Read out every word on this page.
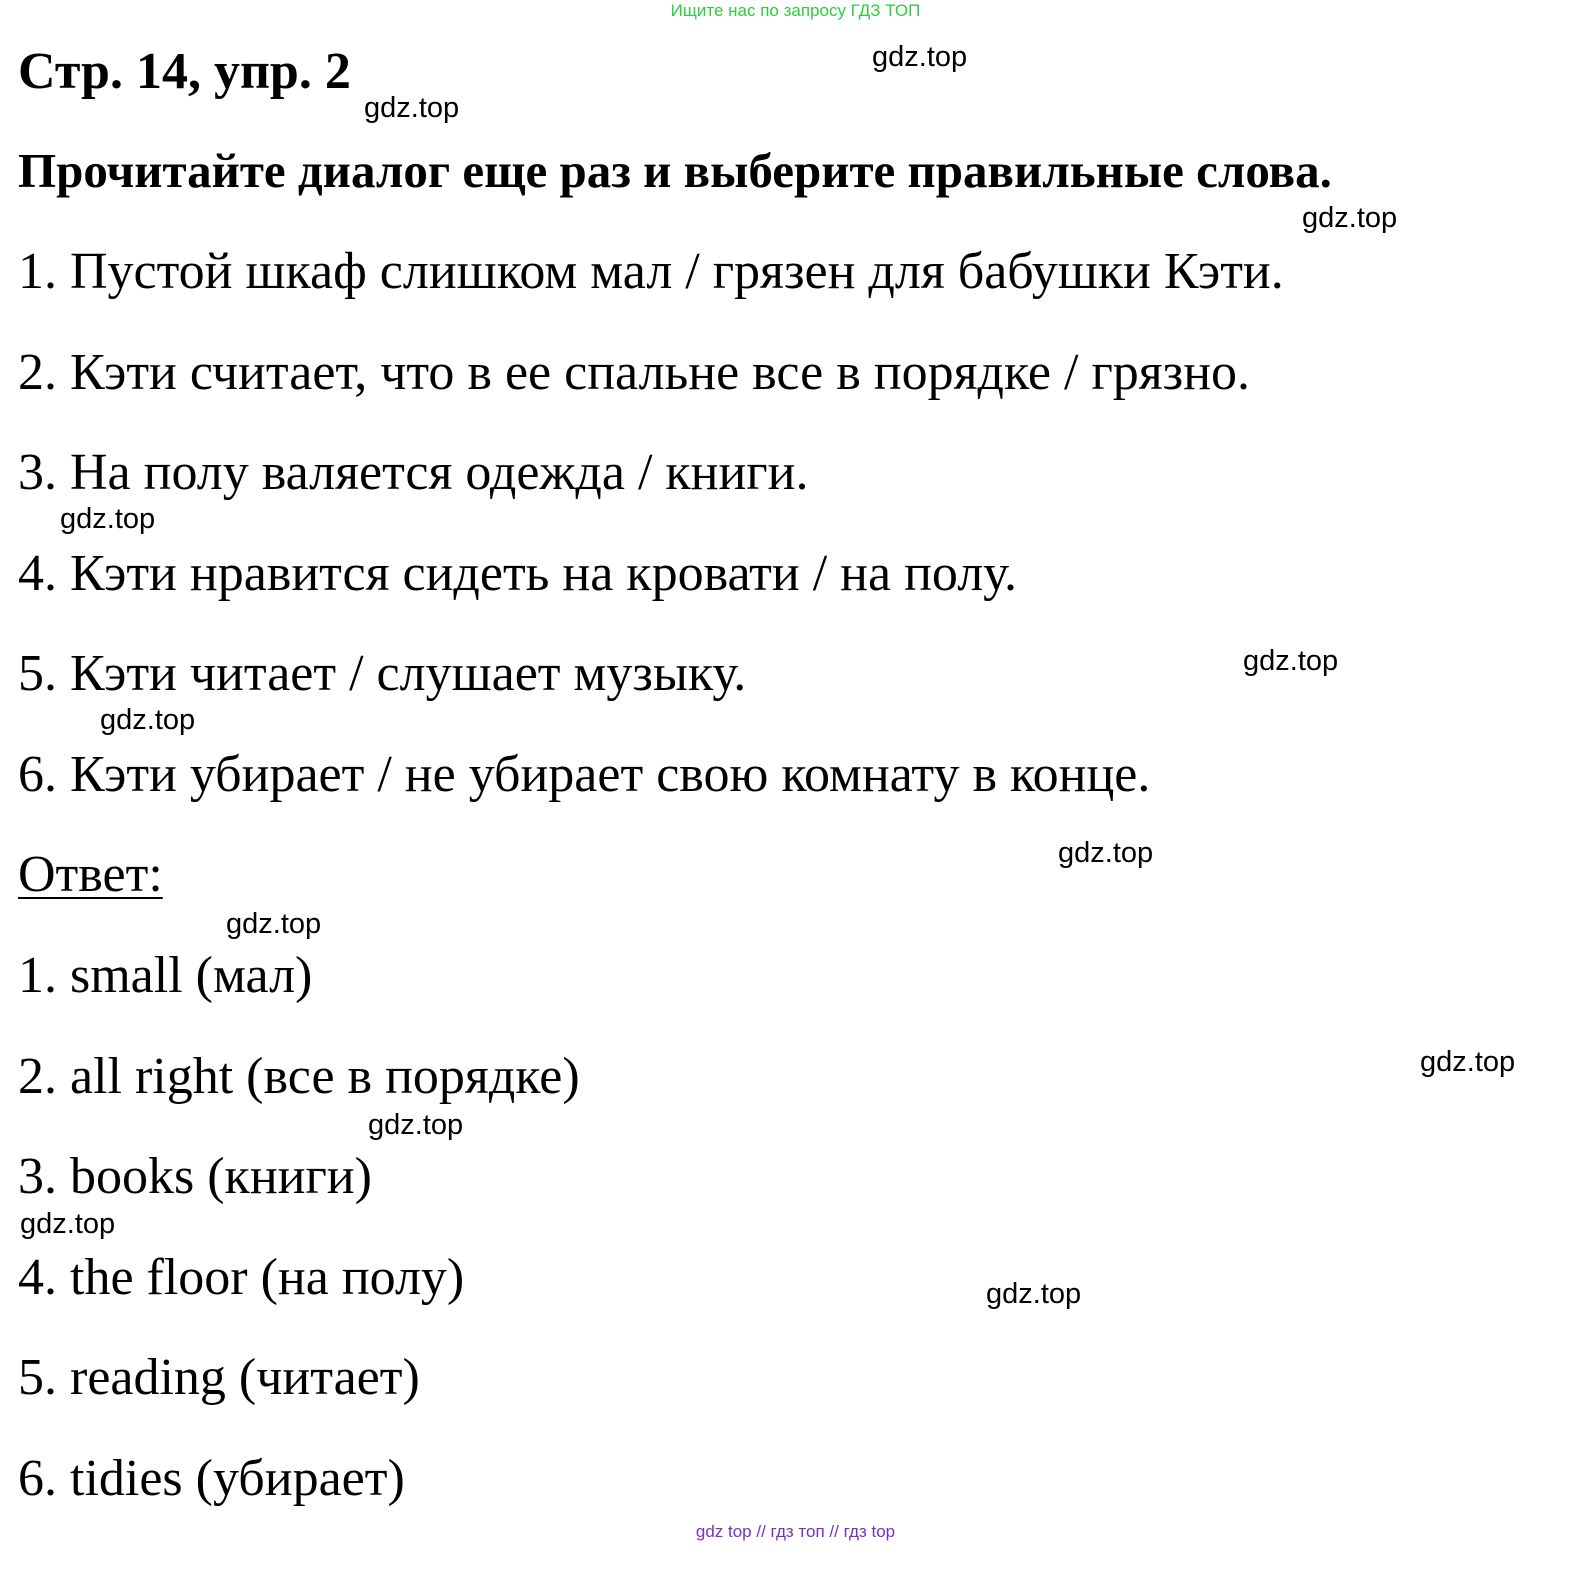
Ищите нас по запросу ГДЗ ТОП
Стр. 14, упр. 2

Прочитайте диалог еще раз и выберите правильные слова.

1. Пустой шкаф слишком мал / грязен для бабушки Кэти.

2. Кэти считает, что в ее спальне все в порядке / грязно.

3. На полу валяется одежда / книги.

4. Кэти нравится сидеть на кровати / на полу.

5. Кэти читает / слушает музыку.

6. Кэти убирает / не убирает свою комнату в конце.

Ответ:

1. small (мал)

2. all right (все в порядке)

3. books (книги)

4. the floor (на полу)

5. reading (читает)

6. tidies (убирает)

gdz.top
gdz.top
gdz.top
gdz.top
gdz.top
gdz.top
gdz.top
gdz.top
gdz.top
gdz.top
gdz.top
gdz.top
gdz top // гдз топ // гдз top
